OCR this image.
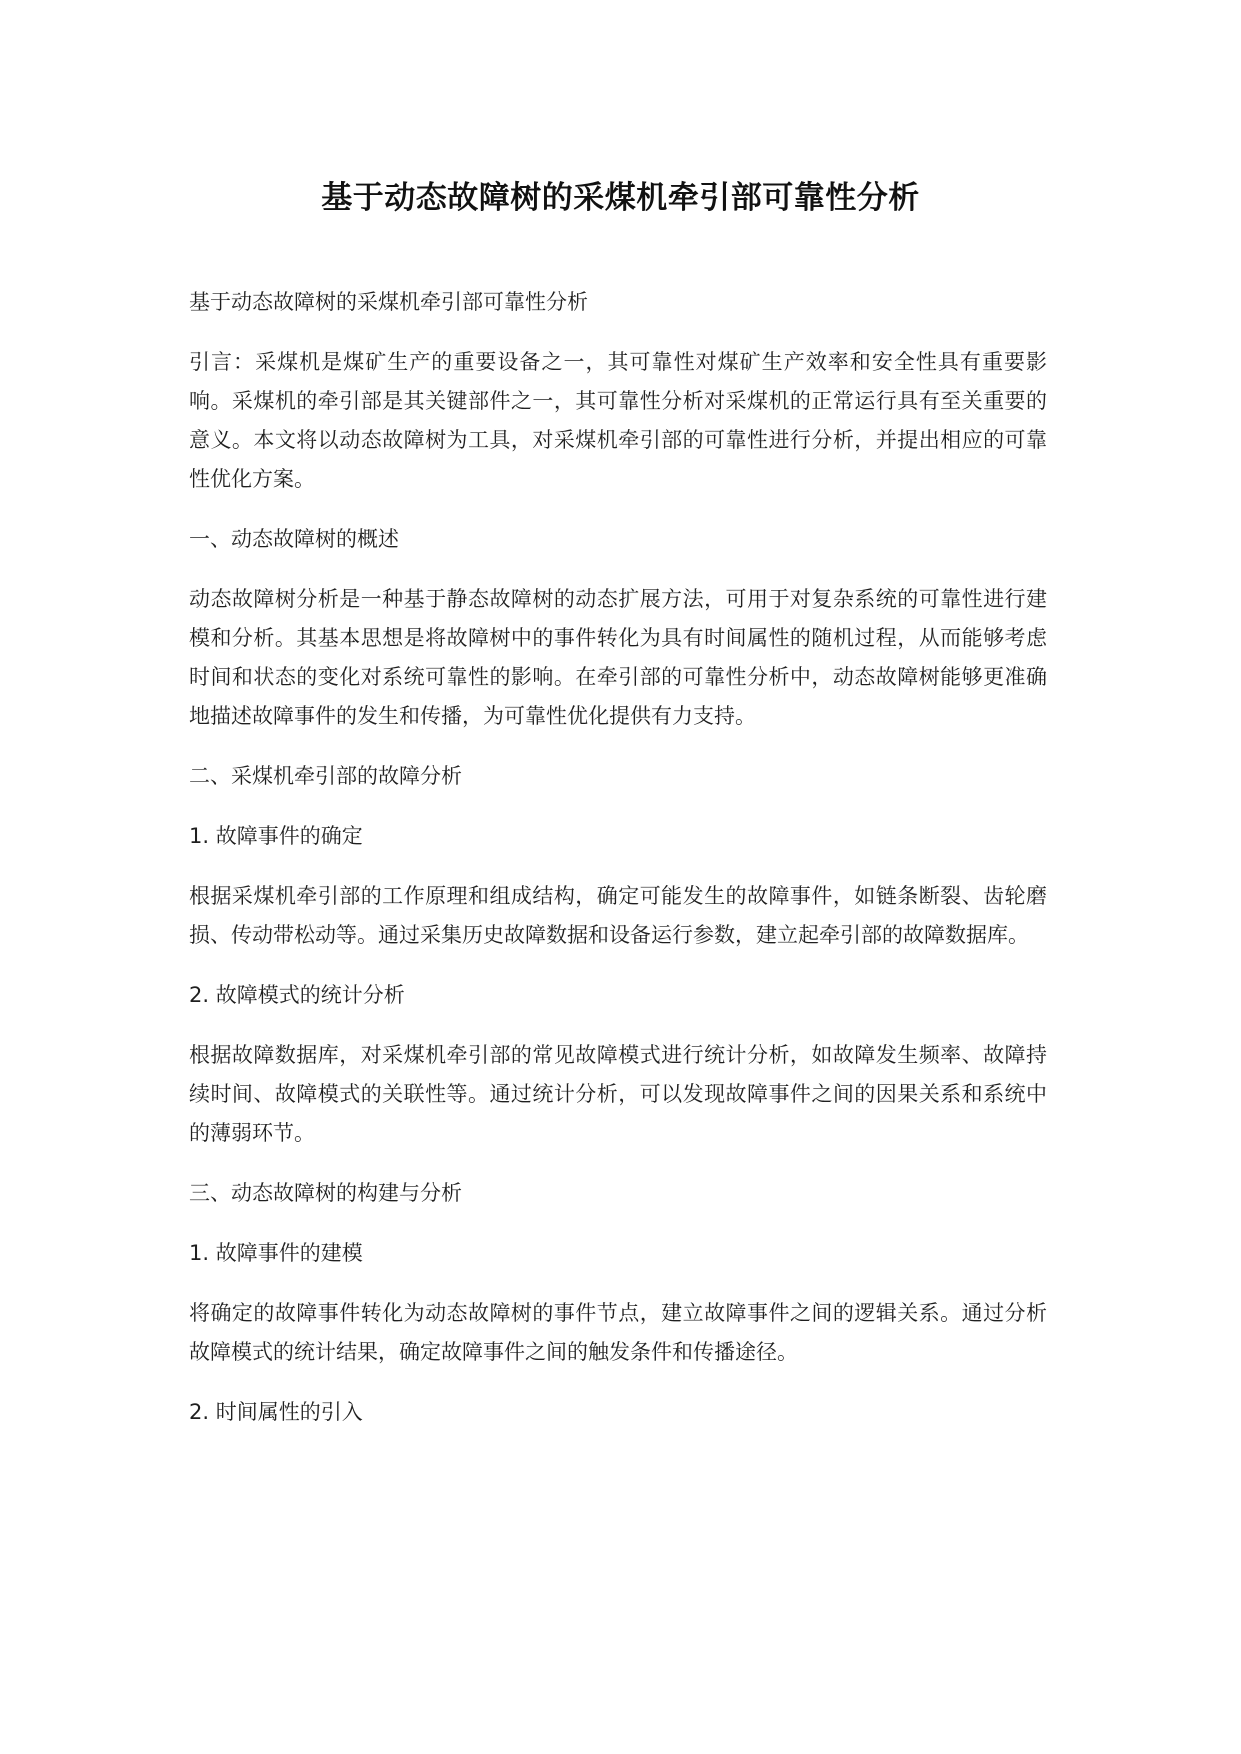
基于动态故障树的采煤机牵引部可靠性分析

基于动态故障树的采煤机牵引部可靠性分析

引言：采煤机是煤矿生产的重要设备之一，其可靠性对煤矿生产效率和安全性具有重要影响。采煤机的牵引部是其关键部件之一，其可靠性分析对采煤机的正常运行具有至关重要的意义。本文将以动态故障树为工具，对采煤机牵引部的可靠性进行分析，并提出相应的可靠性优化方案。

一、动态故障树的概述

动态故障树分析是一种基于静态故障树的动态扩展方法，可用于对复杂系统的可靠性进行建模和分析。其基本思想是将故障树中的事件转化为具有时间属性的随机过程，从而能够考虑时间和状态的变化对系统可靠性的影响。在牵引部的可靠性分析中，动态故障树能够更准确地描述故障事件的发生和传播，为可靠性优化提供有力支持。

二、采煤机牵引部的故障分析

1. 故障事件的确定

根据采煤机牵引部的工作原理和组成结构，确定可能发生的故障事件，如链条断裂、齿轮磨损、传动带松动等。通过采集历史故障数据和设备运行参数，建立起牵引部的故障数据库。

2. 故障模式的统计分析

根据故障数据库，对采煤机牵引部的常见故障模式进行统计分析，如故障发生频率、故障持续时间、故障模式的关联性等。通过统计分析，可以发现故障事件之间的因果关系和系统中的薄弱环节。

三、动态故障树的构建与分析

1. 故障事件的建模

将确定的故障事件转化为动态故障树的事件节点，建立故障事件之间的逻辑关系。通过分析故障模式的统计结果，确定故障事件之间的触发条件和传播途径。

2. 时间属性的引入
